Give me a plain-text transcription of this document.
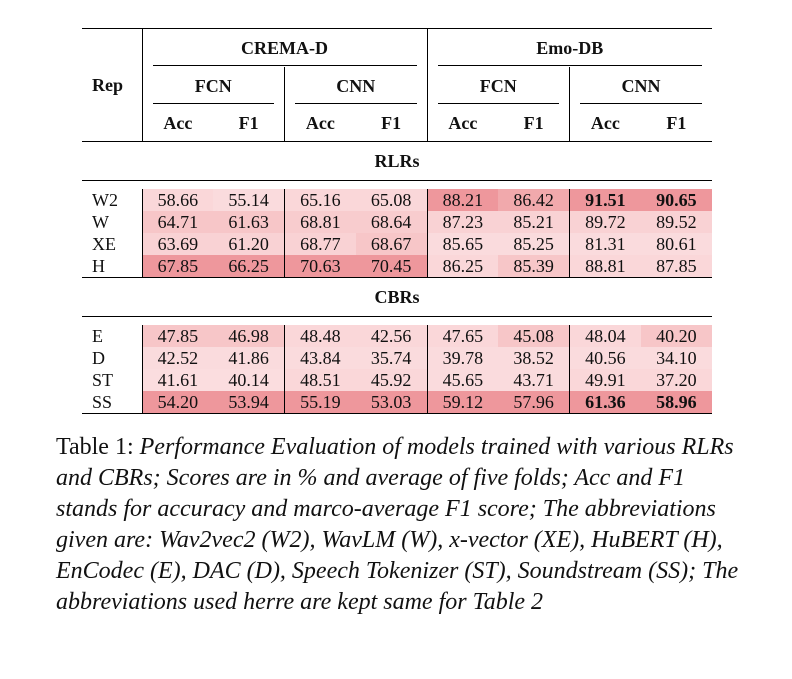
Rep	CREMA-D				Emo-DB			
	FCN		CNN		FCN		CNN	
	Acc	F1	Acc	F1	Acc	F1	Acc	F1
RLRs								

W2	58.66	55.14	65.16	65.08	88.21	86.42	91.51	90.65
W	64.71	61.63	68.81	68.64	87.23	85.21	89.72	89.52
XE	63.69	61.20	68.77	68.67	85.65	85.25	81.31	80.61
H	67.85	66.25	70.63	70.45	86.25	85.39	88.81	87.85
CBRs								

E	47.85	46.98	48.48	42.56	47.65	45.08	48.04	40.20
D	42.52	41.86	43.84	35.74	39.78	38.52	40.56	34.10
ST	41.61	40.14	48.51	45.92	45.65	43.71	49.91	37.20
SS	54.20	53.94	55.19	53.03	59.12	57.96	61.36	58.96
Table 1: Performance Evaluation of models trained with various RLRs and CBRs; Scores are in % and average of five folds; Acc and F1 stands for accuracy and marco-average F1 score; The abbreviations given are: Wav2vec2 (W2), WavLM (W), x-vector (XE), HuBERT (H), EnCodec (E), DAC (D), Speech Tokenizer (ST), Soundstream (SS); The abbreviations used herre are kept same for Table 2
